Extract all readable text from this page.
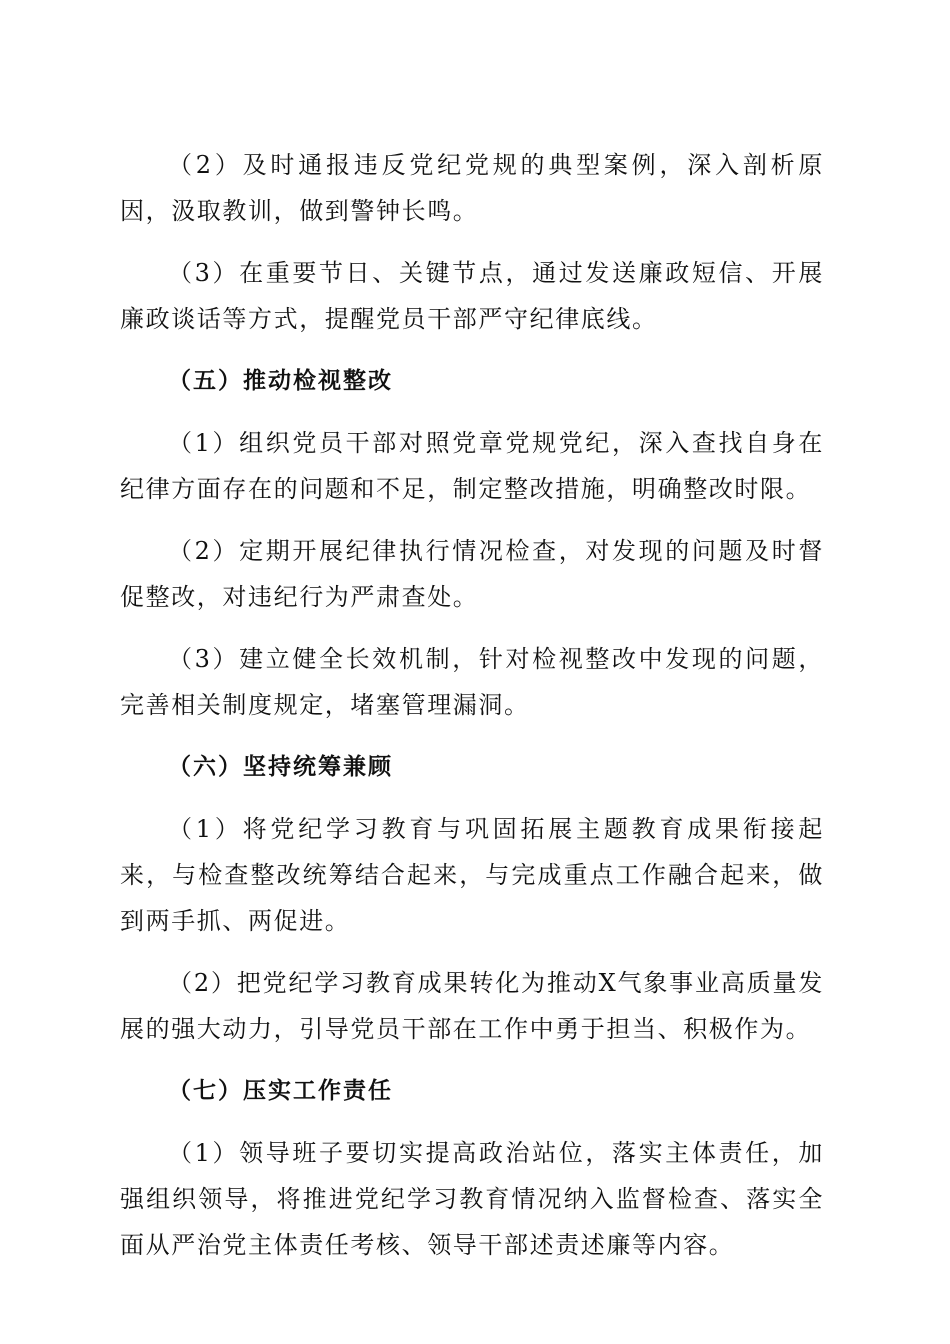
（2）及时通报违反党纪党规的典型案例，深入剖析原因，汲取教训，做到警钟长鸣。

（3）在重要节日、关键节点，通过发送廉政短信、开展廉政谈话等方式，提醒党员干部严守纪律底线。

（五）推动检视整改

（1）组织党员干部对照党章党规党纪，深入查找自身在纪律方面存在的问题和不足，制定整改措施，明确整改时限。

（2）定期开展纪律执行情况检查，对发现的问题及时督促整改，对违纪行为严肃查处。

（3）建立健全长效机制，针对检视整改中发现的问题，完善相关制度规定，堵塞管理漏洞。

（六）坚持统筹兼顾

（1）将党纪学习教育与巩固拓展主题教育成果衔接起来，与检查整改统筹结合起来，与完成重点工作融合起来，做到两手抓、两促进。

（2）把党纪学习教育成果转化为推动X气象事业高质量发展的强大动力，引导党员干部在工作中勇于担当、积极作为。

（七）压实工作责任

（1）领导班子要切实提高政治站位，落实主体责任，加强组织领导，将推进党纪学习教育情况纳入监督检查、落实全面从严治党主体责任考核、领导干部述责述廉等内容。
